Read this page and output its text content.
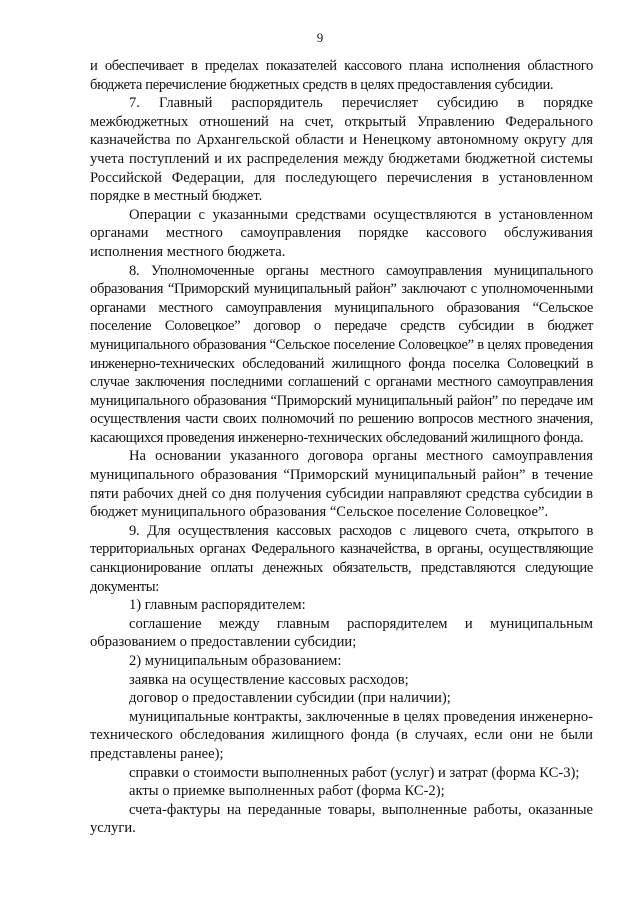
9

и обеспечивает в пределах показателей кассового плана исполнения областного бюджета перечисление бюджетных средств в целях предоставления субсидии.

7. Главный распорядитель перечисляет субсидию в порядке межбюджетных отношений на счет, открытый Управлению Федерального казначейства по Архангельской области и Ненецкому автономному округу для учета поступлений и их распределения между бюджетами бюджетной системы Российской Федерации, для последующего перечисления в установленном порядке в местный бюджет.

Операции с указанными средствами осуществляются в установленном органами местного самоуправления порядке кассового обслуживания исполнения местного бюджета.

8. Уполномоченные органы местного самоуправления муниципального образования “Приморский муниципальный район” заключают с уполномоченными органами местного самоуправления муниципального образования “Сельское поселение Соловецкое” договор о передаче средств субсидии в бюджет муниципального образования “Сельское поселение Соловецкое” в целях проведения инженерно-технических обследований жилищного фонда поселка Соловецкий в случае заключения последними соглашений с органами местного самоуправления муниципального образования “Приморский муниципальный район” по передаче им осуществления части своих полномочий по решению вопросов местного значения, касающихся проведения инженерно-технических обследований жилищного фонда.

На основании указанного договора органы местного самоуправления муниципального образования “Приморский муниципальный район” в течение пяти рабочих дней со дня получения субсидии направляют средства субсидии в бюджет муниципального образования “Сельское поселение Соловецкое”.

9. Для осуществления кассовых расходов с лицевого счета, открытого в территориальных органах Федерального казначейства, в органы, осуществляющие санкционирование оплаты денежных обязательств, представляются следующие документы:

1) главным распорядителем:

соглашение между главным распорядителем и муниципальным образованием о предоставлении субсидии;

2) муниципальным образованием:

заявка на осуществление кассовых расходов;

договор о предоставлении субсидии (при наличии);

муниципальные контракты, заключенные в целях проведения инженерно-технического обследования жилищного фонда (в случаях, если они не были представлены ранее);

справки о стоимости выполненных работ (услуг) и затрат (форма КС-3);

акты о приемке выполненных работ (форма КС-2);

счета-фактуры на переданные товары, выполненные работы, оказанные услуги.
